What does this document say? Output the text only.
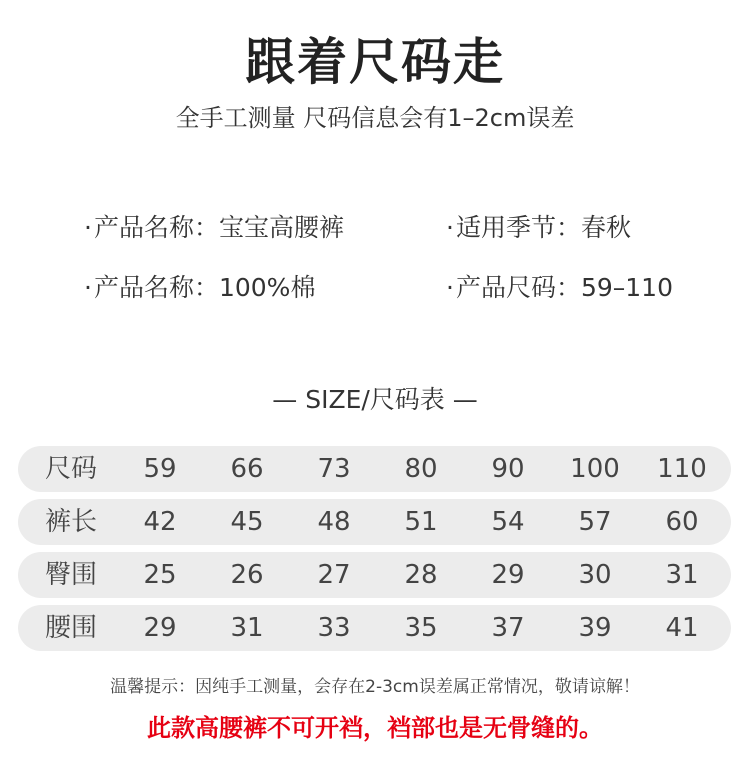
跟着尺码走
全手工测量 尺码信息会有1–2cm误差
·产品名称：宝宝高腰裤	·适用季节：春秋
·产品名称：100%棉	·产品尺码：59–110
— SIZE/尺码表 —
尺码	59	66	73	80	90	100	110
裤长	42	45	48	51	54	57	60
臀围	25	26	27	28	29	30	31
腰围	29	31	33	35	37	39	41
温馨提示：因纯手工测量，会存在2-3cm误差属正常情况，敬请谅解！
此款高腰裤不可开裆，裆部也是无骨缝的。
